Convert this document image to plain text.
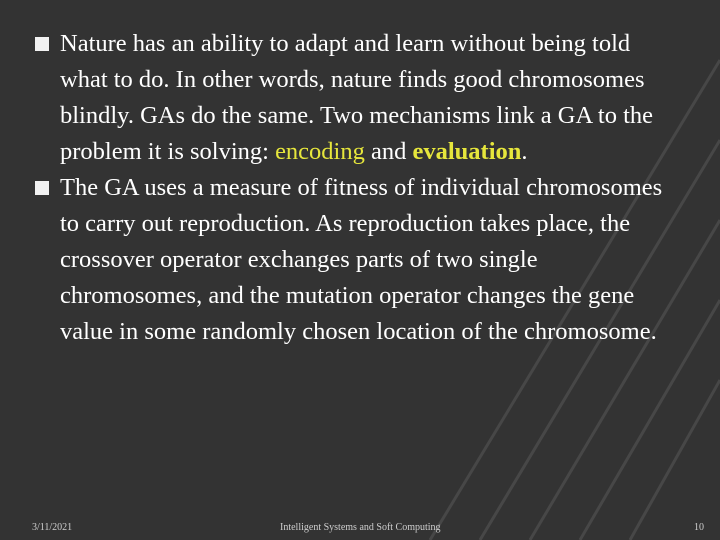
Nature has an ability to adapt and learn without being told what to do. In other words, nature finds good chromosomes blindly. GAs do the same. Two mechanisms link a GA to the problem it is solving: encoding and evaluation.
The GA uses a measure of fitness of individual chromosomes to carry out reproduction. As reproduction takes place, the crossover operator exchanges parts of two single chromosomes, and the mutation operator changes the gene value in some randomly chosen location of the chromosome.
3/11/2021	Intelligent Systems and Soft Computing	10
